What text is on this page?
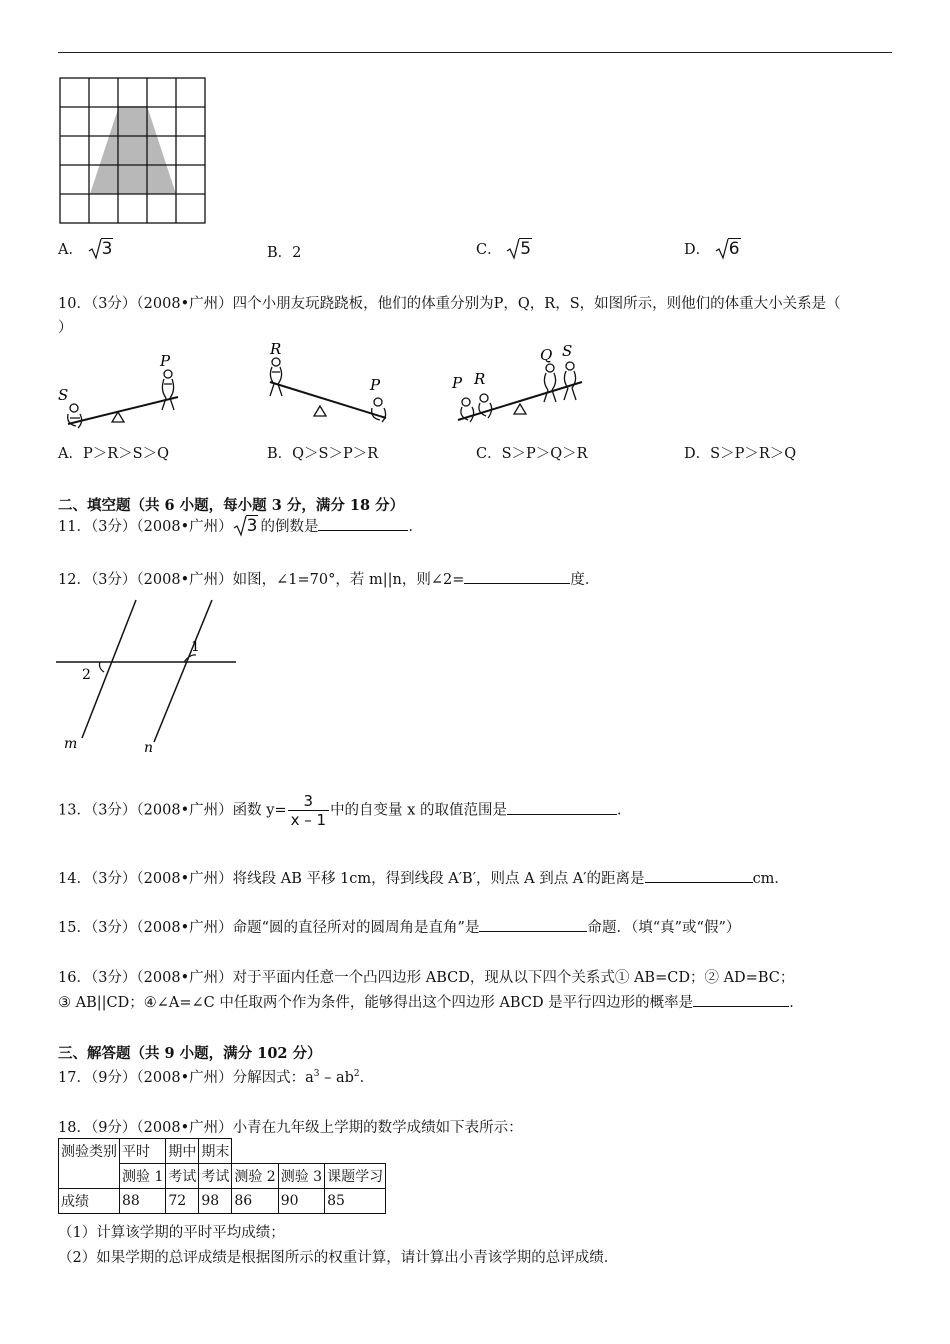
A． 3	B．2	C． 5	D． 6
10．（3分）（2008•广州）四个小朋友玩跷跷板，他们的体重分别为P，Q，R，S，如图所示，则他们的体重大小关系是（
）
S
P
R
P	P R
Q S
A．P＞R＞S＞Q	B．Q＞S＞P＞R	C．S＞P＞Q＞R	D．S＞P＞R＞Q
二、填空题（共 6 小题，每小题 3 分，满分 18 分）
11．（3分）（2008•广州） 3 的倒数是	．
12．（3分）（2008•广州）如图，∠1=70°，若 m||n，则∠2=	度．
2
1
m	n
13．（3分）（2008•广州）函数 $y= \frac{3}{x - 1}$ 中的自变量 x 的取值范围是	．
14．（3分）（2008•广州）将线段 AB 平移 1cm，得到线段 A′B′，则点 A 到点 A′的距离是	cm．
15．（3分）（2008•广州）命题“圆的直径所对的圆周角是直角”是	命题．（填“真”或“假”）
16．（3分）（2008•广州）对于平面内任意一个凸四边形 ABCD，现从以下四个关系式① AB=CD；② AD=BC；
③ AB||CD；④∠A=∠C 中任取两个作为条件，能够得出这个四边形 ABCD 是平行四边形的概率是	．
三、解答题（共 9 小题，满分 102 分）
17．（9分）（2008•广州）分解因式：$a^3 - ab^2$．
18．（9分）（2008•广州）小青在九年级上学期的数学成绩如下表所示：
测验类别	平时	期中	期末			
	测验 1	考试	考试	测验 2	测验 3	课题学习
成绩	88	72	98	86	90	85
（1）计算该学期的平时平均成绩；
（2）如果学期的总评成绩是根据图所示的权重计算，请计算出小青该学期的总评成绩．
